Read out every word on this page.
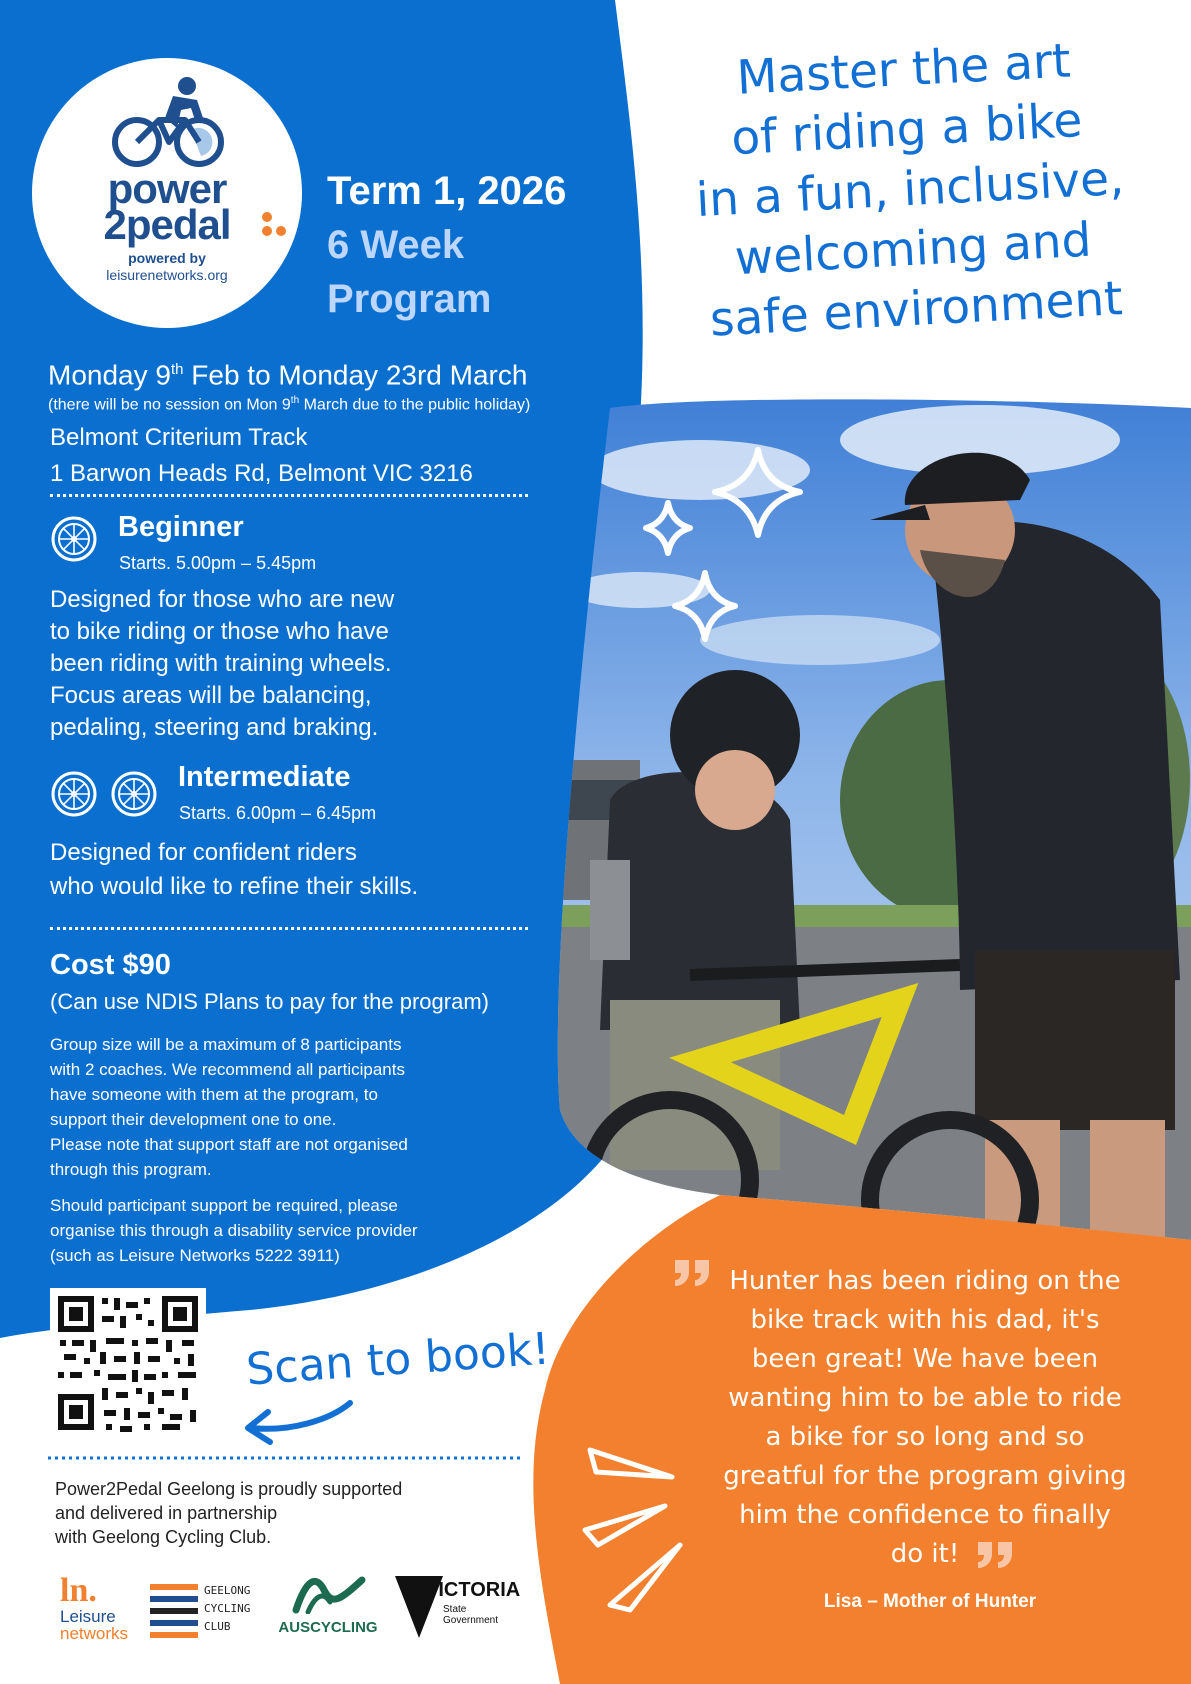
power
2pedal
powered by
leisurenetworks.org
Term 1, 2026
6 Week
Program
Master the art
of riding a bike
in a fun, inclusive,
welcoming and
safe environment
Monday 9th Feb to Monday 23rd March
(there will be no session on Mon 9th March due to the public holiday)
Belmont Criterium Track
1 Barwon Heads Rd, Belmont VIC 3216
Beginner
Starts. 5.00pm – 5.45pm
Designed for those who are new
to bike riding or those who have
been riding with training wheels.
Focus areas will be balancing,
pedaling, steering and braking.
Intermediate
Starts. 6.00pm – 6.45pm
Designed for confident riders
who would like to refine their skills.
Cost $90
(Can use NDIS Plans to pay for the program)
Group size will be a maximum of 8 participants
with 2 coaches. We recommend all participants
have someone with them at the program, to
support their development one to one.
Please note that support staff are not organised
through this program.
Should participant support be required, please
organise this through a disability service provider
(such as Leisure Networks 5222 3911)
Scan to book!
Power2Pedal Geelong is proudly supported
and delivered in partnership
with Geelong Cycling Club.
ln.
Leisure
networks
GEELONG
CYCLING
CLUB	AUSCYCLING
VICTORIA
State
Government
Hunter has been riding on the
bike track with his dad, it's
been great! We have been
wanting him to be able to ride
a bike for so long and so
greatful for the program giving
him the confidence to finally
do it!
Lisa – Mother of Hunter
